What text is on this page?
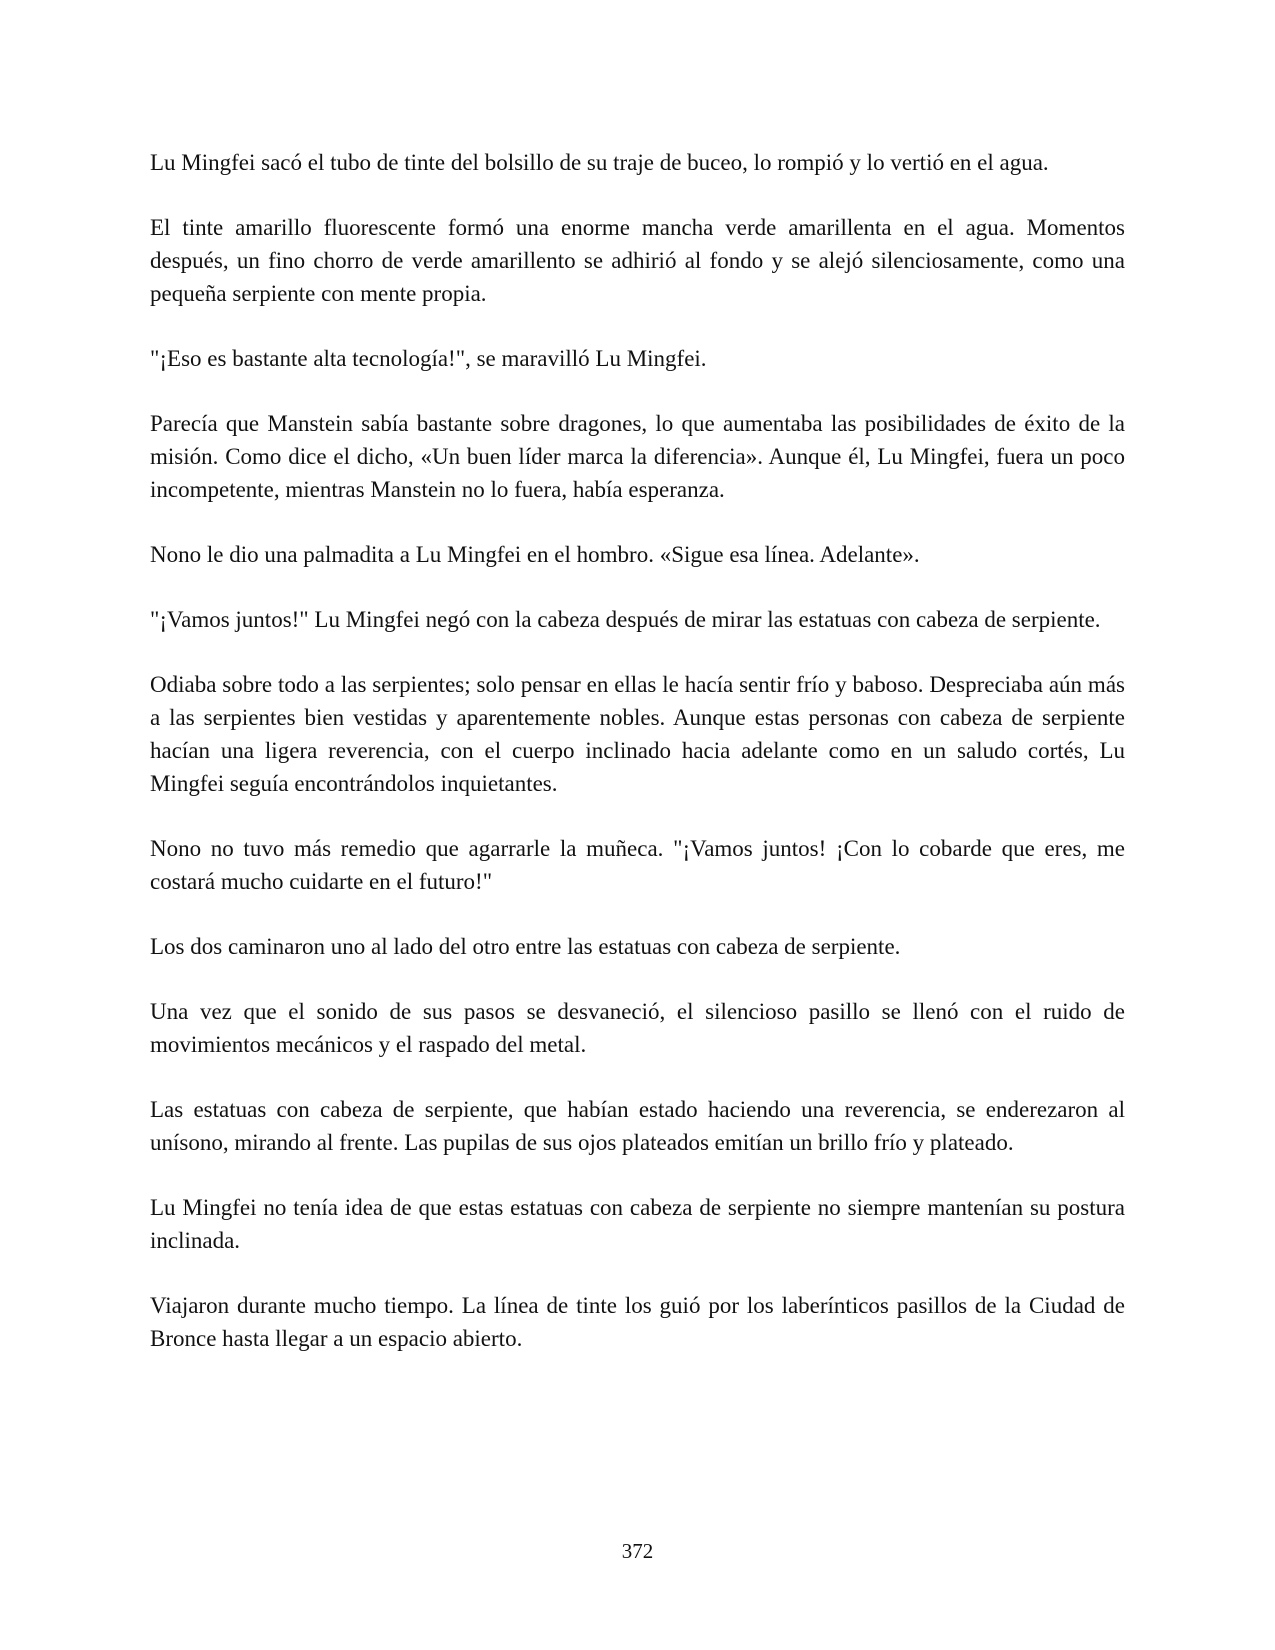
Lu Mingfei sacó el tubo de tinte del bolsillo de su traje de buceo, lo rompió y lo vertió en el agua.

El tinte amarillo fluorescente formó una enorme mancha verde amarillenta en el agua. Momentos después, un fino chorro de verde amarillento se adhirió al fondo y se alejó silenciosamente, como una pequeña serpiente con mente propia.

"¡Eso es bastante alta tecnología!", se maravilló Lu Mingfei.

Parecía que Manstein sabía bastante sobre dragones, lo que aumentaba las posibilidades de éxito de la misión. Como dice el dicho, «Un buen líder marca la diferencia». Aunque él, Lu Mingfei, fuera un poco incompetente, mientras Manstein no lo fuera, había esperanza.

Nono le dio una palmadita a Lu Mingfei en el hombro. «Sigue esa línea. Adelante».

"¡Vamos juntos!" Lu Mingfei negó con la cabeza después de mirar las estatuas con cabeza de serpiente.

Odiaba sobre todo a las serpientes; solo pensar en ellas le hacía sentir frío y baboso. Despreciaba aún más a las serpientes bien vestidas y aparentemente nobles. Aunque estas personas con cabeza de serpiente hacían una ligera reverencia, con el cuerpo inclinado hacia adelante como en un saludo cortés, Lu Mingfei seguía encontrándolos inquietantes.

Nono no tuvo más remedio que agarrarle la muñeca. "¡Vamos juntos! ¡Con lo cobarde que eres, me costará mucho cuidarte en el futuro!"

Los dos caminaron uno al lado del otro entre las estatuas con cabeza de serpiente.

Una vez que el sonido de sus pasos se desvaneció, el silencioso pasillo se llenó con el ruido de movimientos mecánicos y el raspado del metal.

Las estatuas con cabeza de serpiente, que habían estado haciendo una reverencia, se enderezaron al unísono, mirando al frente. Las pupilas de sus ojos plateados emitían un brillo frío y plateado.

Lu Mingfei no tenía idea de que estas estatuas con cabeza de serpiente no siempre mantenían su postura inclinada.

Viajaron durante mucho tiempo. La línea de tinte los guió por los laberínticos pasillos de la Ciudad de Bronce hasta llegar a un espacio abierto.

372
